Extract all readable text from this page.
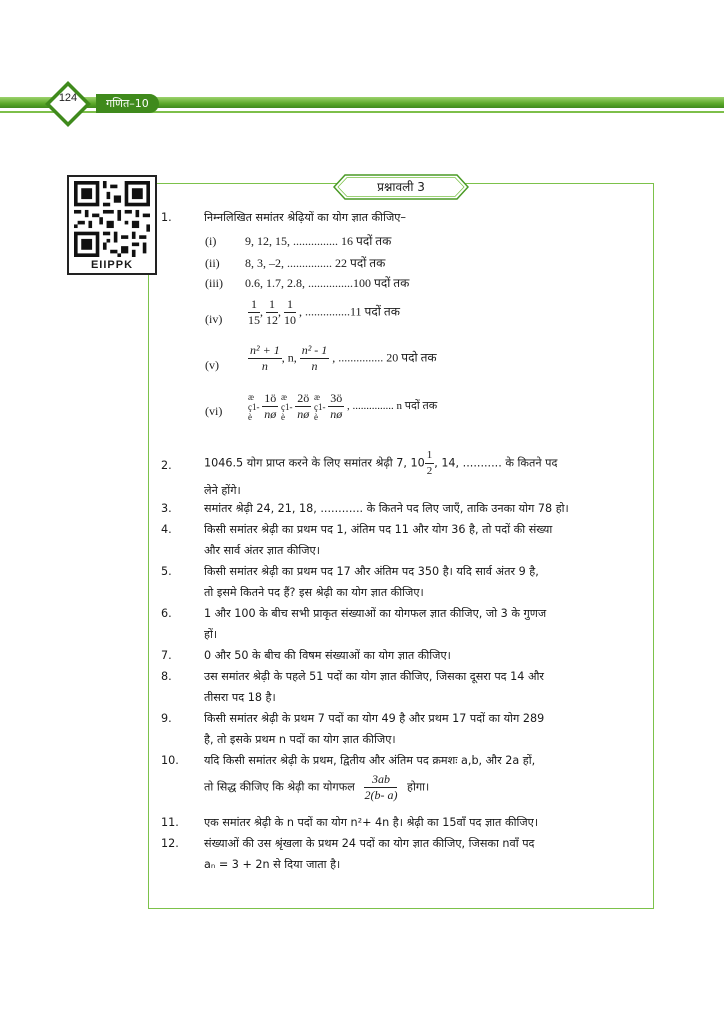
124	गणित–10
EIIPPK
प्रश्नावली 3
1.	निम्नलिखित समांतर श्रेढ़ियों का योग ज्ञात कीजिए–
(i) 9, 12, 15, ............... 16 पदों तक
(ii) 8, 3, –2, ............... 22 पदों तक
(iii) 0.6, 1.7, 2.8, ...............100 पदों तक
$(iv) \frac{1}{15}$ , $\frac{1}{12}$ , $\frac{1}{10}$ , ...............11 पदों तक
$(v) \frac{\text{n² + 1}}{n}$ , n, $\frac{\text{n² - 1}}{n}$ , ............... 20 पदो तक
(vi)
æ
ç1-
è $\frac{1ö}{nø}$ æ
ç1-
è $\frac{2ö}{nø}$ æ
ç1-
è $\frac{3ö}{nø}$ , ............... n पदों तक
2.	1046.5 योग प्राप्त करने के लिए समांतर श्रेढ़ी 7, $10 \frac{1}{2}$ , 14, ........... के कितने पद
लेने होंगे।
3.	समांतर श्रेढ़ी 24, 21, 18, ............ के कितने पद लिए जाएँ, ताकि उनका योग 78 हो।
4.	किसी समांतर श्रेढ़ी का प्रथम पद 1, अंतिम पद 11 और योग 36 है, तो पदों की संख्या
और सार्व अंतर ज्ञात कीजिए।
5.	किसी समांतर श्रेढ़ी का प्रथम पद 17 और अंतिम पद 350 है। यदि सार्व अंतर 9 है,
तो इसमे कितने पद हैं? इस श्रेढ़ी का योग ज्ञात कीजिए।
6.	1 और 100 के बीच सभी प्राकृत संख्याओं का योगफल ज्ञात कीजिए, जो 3 के गुणज
हों।
7.	0 और 50 के बीच की विषम संख्याओं का योग ज्ञात कीजिए।
8.	उस समांतर श्रेढ़ी के पहले 51 पदों का योग ज्ञात कीजिए, जिसका दूसरा पद 14 और
तीसरा पद 18 है।
9.	किसी समांतर श्रेढ़ी के प्रथम 7 पदों का योग 49 है और प्रथम 17 पदों का योग 289
है, तो इसके प्रथम n पदों का योग ज्ञात कीजिए।
10.	यदि किसी समांतर श्रेढ़ी के प्रथम, द्वितीय और अंतिम पद क्रमशः a,b, और 2a हों,
तो सिद्ध कीजिए कि श्रेढ़ी का योगफल $\frac{3ab}{2(b- a)}$ होगा।
11.	एक समांतर श्रेढ़ी के n पदों का योग n²+ 4n है। श्रेढ़ी का 15वाँ पद ज्ञात कीजिए।
12.	संख्याओं की उस श्रृंखला के प्रथम 24 पदों का योग ज्ञात कीजिए, जिसका nवाँ पद
aₙ = 3 + 2n से दिया जाता है।
